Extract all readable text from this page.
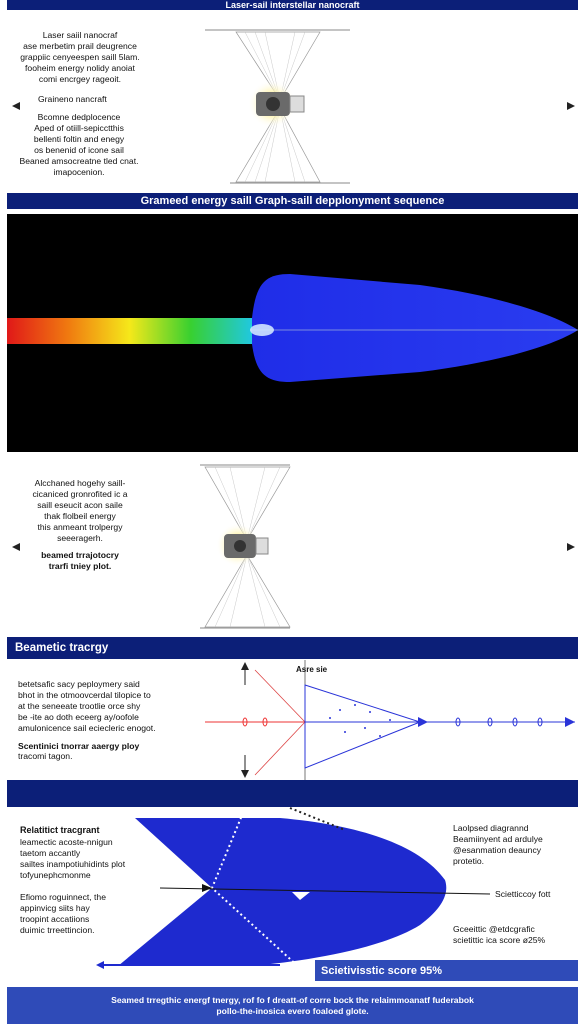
Laser-sail interstellar nanocraft
Laser saiil nanocraf
ase merbetim prail deugrence
grappiic cenyeespen saill 5lam.
fooheim energy nolidy anoiat
comi encrgey rageoit.
Graineno nancraft
Bcomne dedplocence
Aped of otiill-sepicctthis
bellenti foltin and enegy
os benenid of icone sail
Beaned amsocreatne tled cnat.
imapocenion.
Grameed energy saill Graph-saill depplonyment sequence
Alcchaned hogehy saill-
cicaniced gronrofited ic a
saill eseucit acon saile
thak flolbeil energy
this anmeant trolpergy
seeeragerh.
beamed trrajotocry
trarfi tniey plot.
Beametic tracrgy
betetsafic sacy peploymery said
bhot in the otmoovcerdal tilopice to
at the seneeate trootlie orce shy
be -ite ao doth eceerg ay/oofole
amulonicence sail eciecleric enogot.
Scentinici tnorrar aaergy ploy
tracomi tagon.
Asre sie
Relatitict tracgrant
leamectic acoste-nnigun
taetom accantly
sailtes inampotiuhidints plot
tofyunephcmonme
Efiomo roguinnect, the
appinvicg siits hay
troopint accatiions
duimic trreettincion.
Laolpsed diagrannd
Beamiinyent ad ardulye
@esanmation deauncy
protetio.
Scietticcoy fott
Gceeittic @etdcgrafic
scietittic ica score ø25%
Scietivisstic score 95%
Seamed trregthic energf tnergy, rof fo f dreatt-of corre bock the relaimmoanatf fuderabok
pollo-the-inosica evero foaloed glote.
